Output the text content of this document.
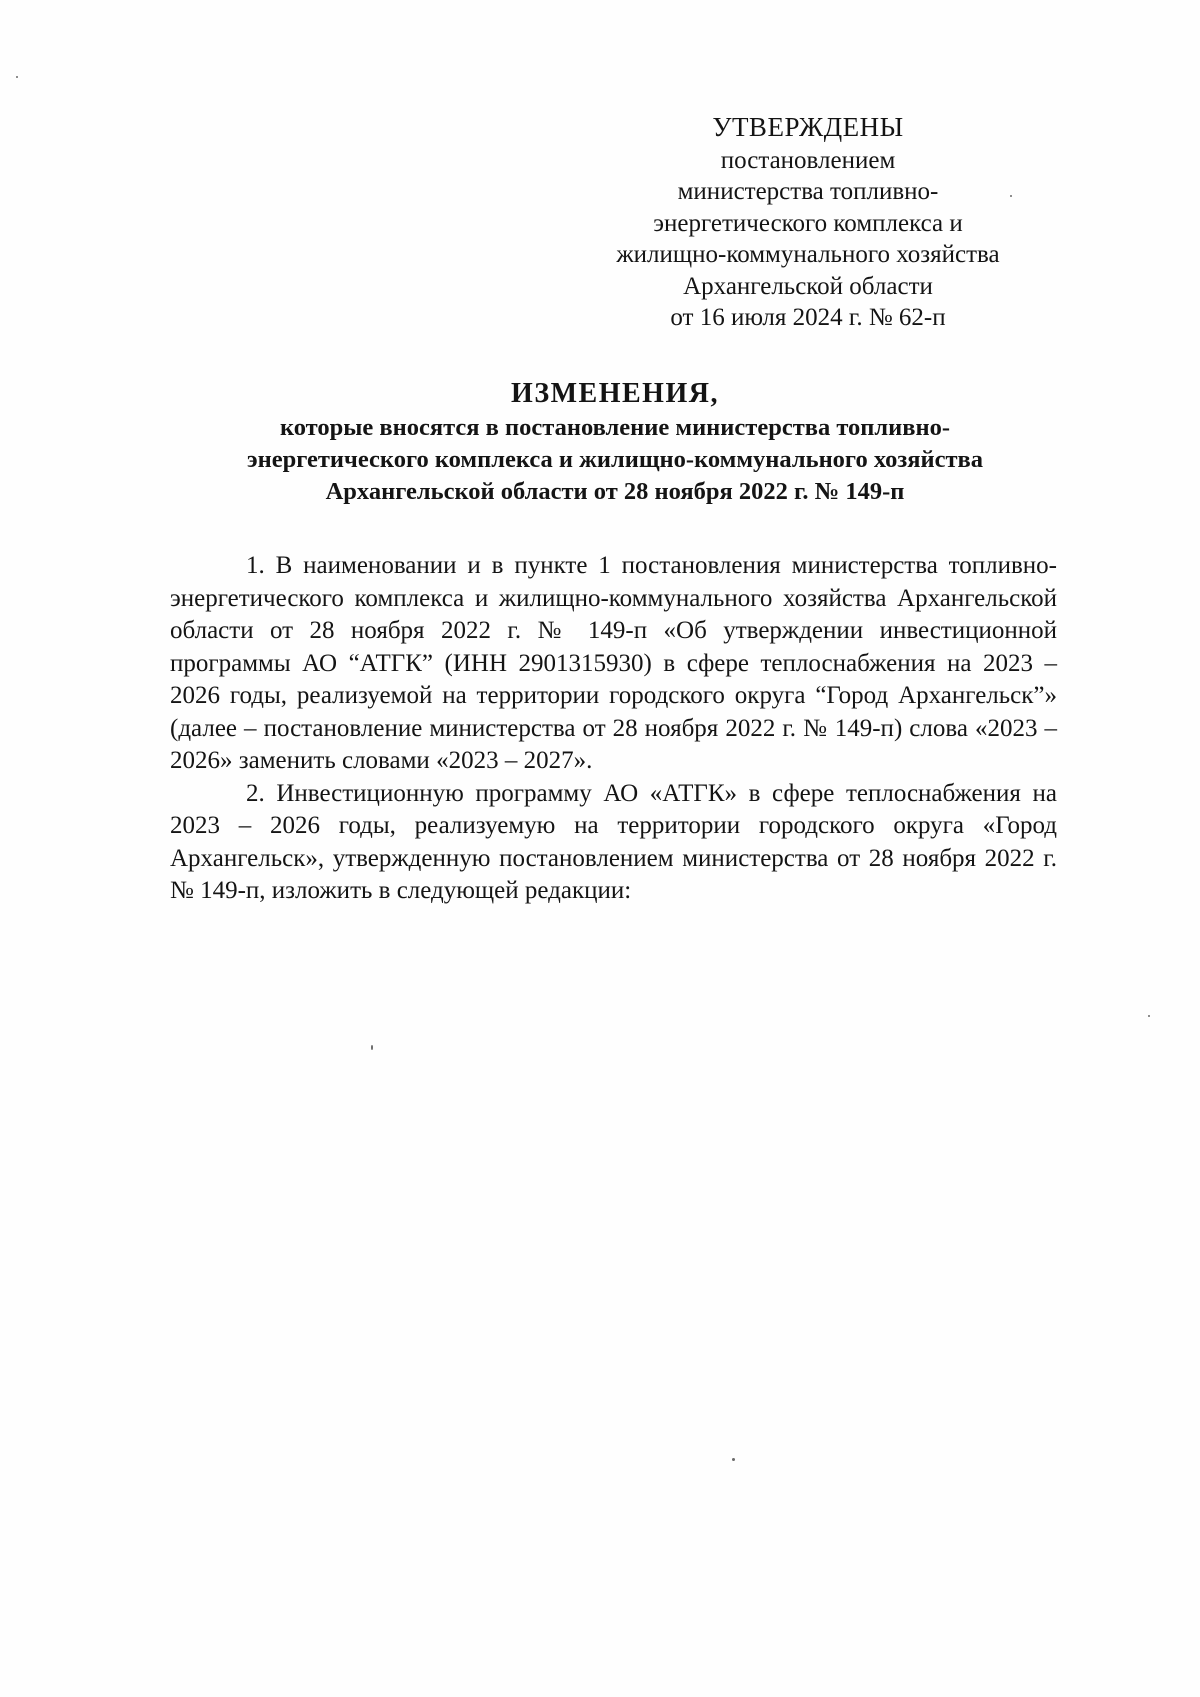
УТВЕРЖДЕНЫ
постановлением
министерства топливно-
энергетического комплекса и
жилищно-коммунального хозяйства
Архангельской области
от 16 июля 2024 г. № 62-п
ИЗМЕНЕНИЯ,
которые вносятся в постановление министерства топливно-
энергетического комплекса и жилищно-коммунального хозяйства
Архангельской области от 28 ноября 2022 г. № 149-п

1. В наименовании и в пункте 1 постановления министерства топливно-энергетического комплекса и жилищно-коммунального хозяйства Архангельской области от 28 ноября 2022 г. № 149-п «Об утверждении инвестиционной программы АО “АТГК” (ИНН 2901315930) в сфере теплоснабжения на 2023 – 2026 годы, реализуемой на территории городского округа “Город Архангельск”» (далее – постановление министерства от 28 ноября 2022 г. № 149-п) слова «2023 – 2026» заменить словами «2023 – 2027».

2. Инвестиционную программу АО «АТГК» в сфере теплоснабжения на 2023 – 2026 годы, реализуемую на территории городского округа «Город Архангельск», утвержденную постановлением министерства от 28 ноября 2022 г. № 149-п, изложить в следующей редакции:
